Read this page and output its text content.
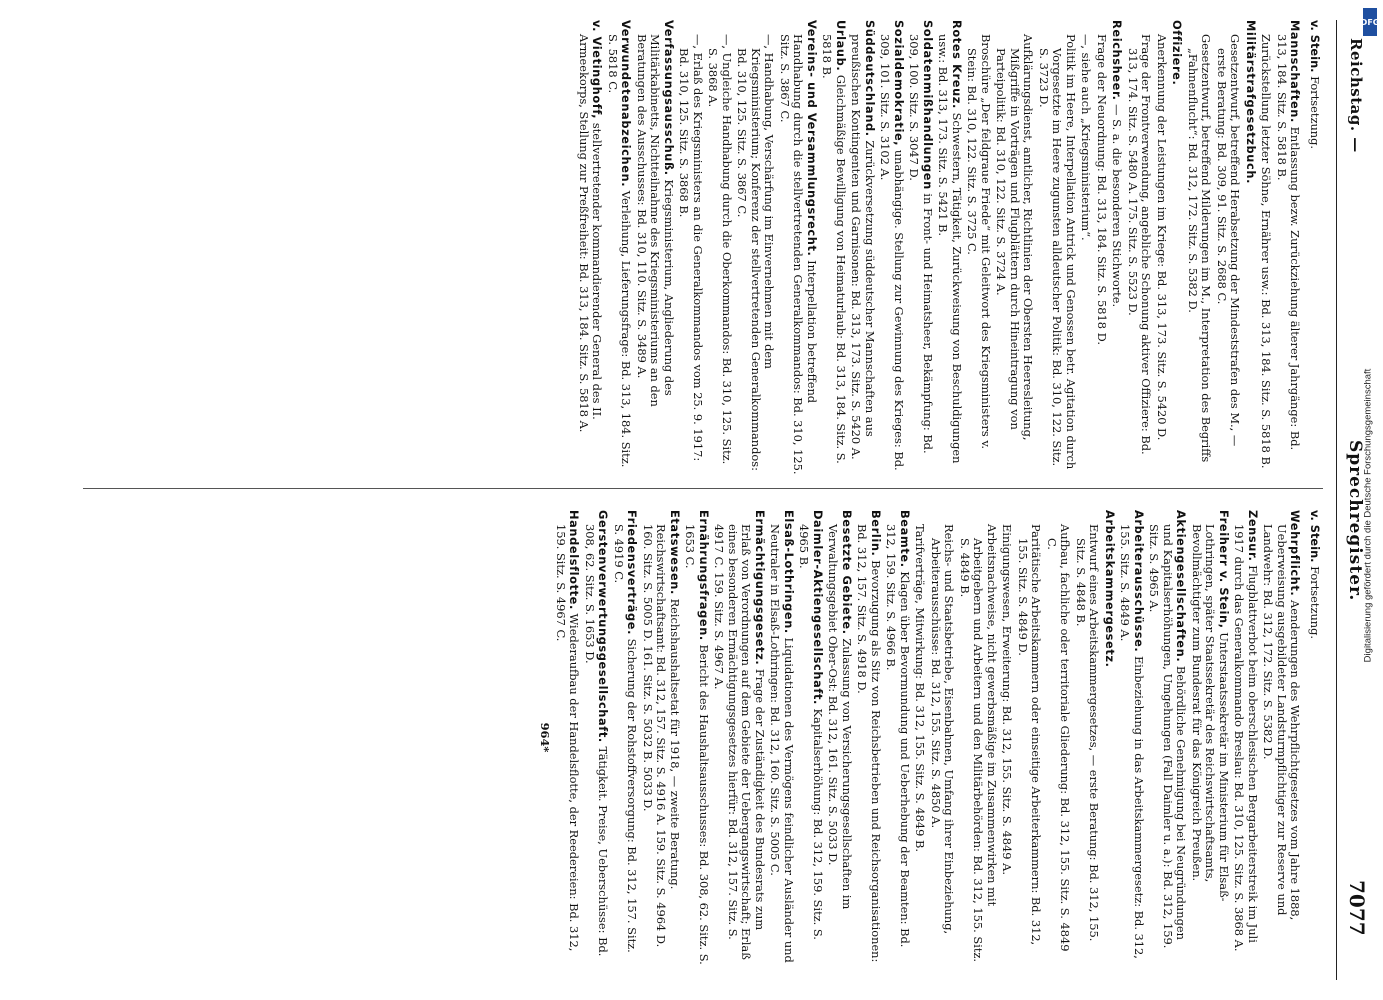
Reichstag. —
Sprechregister.
7077
v. Stein. Fortsetzung.
Mannschaften. Entlassung bezw. Zurückziehung älterer Jahrgänge: Bd. 313, 184. Sitz. S. 5818 B.
Zurückstellung letzter Söhne, Ernährer usw.: Bd. 313, 184. Sitz. S. 5818 B.
Militärstrafgesetzbuch.
Gesetzentwurf, betreffend Herabsetzung der Mindeststrafen des M., — erste Beratung: Bd. 309, 91. Sitz. S. 2688 C.
Gesetzentwurf, betreffend Milderungen im M., Interpretation des Begriffs „Fahnenflucht“: Bd. 312, 172. Sitz. S. 5382 D.
Offiziere.
Anerkennung der Leistungen im Kriege: Bd. 313, 173. Sitz. S. 5420 D.
Frage der Frontverwendung, angebliche Schonung aktiver Offiziere: Bd. 313, 174. Sitz. S. 5480 A. 175. Sitz. S. 5523 D.
Reichsheer. — S. a. die besonderen Stichworte.
Frage der Neuordnung: Bd. 313, 184. Sitz. S. 5818 D.
—, siehe auch „Kriegsministerium“.
Politik im Heere, Interpellation Antrick und Genossen betr. Agitation durch Vorgesetzte im Heere zugunsten alldeutscher Politik: Bd. 310, 122. Sitz. S. 3723 D.
Aufklärungsdienst, amtlicher, Richtlinien der Obersten Heeresleitung, Mißgriffe in Vorträgen und Flugblättern durch Hineintragung von Parteipolitik: Bd. 310, 122. Sitz. S. 3724 A.
Broschüre „Der feldgraue Friede“ mit Geleitwort des Kriegsministers v. Stein: Bd. 310, 122. Sitz. S. 3725 C.
Rotes Kreuz. Schwestern, Tätigkeit, Zurückweisung von Beschuldigungen usw.: Bd. 313, 173. Sitz. S. 5421 B.
Soldatenmißhandlungen in Front- und Heimatsheer, Bekämpfung: Bd. 309, 100. Sitz. S. 3047 D.
Sozialdemokratie, unabhängige. Stellung zur Gewinnung des Krieges: Bd. 309, 101. Sitz. S. 3102 A.
Süddeutschland. Zurückversetzung süddeutscher Mannschaften aus preußischen Kontingenten und Garnisonen: Bd. 313, 173. Sitz. S. 5420 A.
Urlaub. Gleichmäßige Bewilligung von Heimaturlaub: Bd. 313, 184. Sitz. S. 5818 B.
Vereins- und Versammlungsrecht. Interpellation betreffend Handhabung durch die stellvertretenden Generalkommandos: Bd. 310, 125. Sitz. S. 3867 C.
—, Handhabung, Verschärfung im Einvernehmen mit dem Kriegsministerium; Konferenz der stellvertretenden Generalkommandos: Bd. 310, 125. Sitz. S. 3867 C.
—, Ungleiche Handhabung durch die Oberkommandos: Bd. 310, 125. Sitz. S. 3868 A.
—, Erlaß des Kriegsministers an die Generalkommandos vom 25. 9. 1917: Bd. 310, 125. Sitz. S. 3868 B.
Verfassungsausschuß. Kriegsministerium, Angliederung des Militärkabinetts, Nichtteilnahme des Kriegsministeriums an den Beratungen des Ausschusses: Bd. 310, 110. Sitz. S. 3489 A.
Verwundetenabzeichen. Verleihung, Lieferungsfrage: Bd. 313, 184. Sitz. S. 5818 C.
v. Vietinghoff, stellvertretender kommandierender General des II. Armeekorps, Stellung zur Preßfreiheit: Bd. 313, 184. Sitz. S. 5818 A.
v. Stein. Fortsetzung.
Wehrpflicht. Aenderungen des Wehrpflichtgesetzes vom Jahre 1888, Ueberweisung ausgebildeter Landsturmpflichtiger zur Reserve und Landwehr: Bd. 312, 172. Sitz. S. 5382 D.
Zensur. Flugblattverbot beim oberschlesischen Bergarbeiterstreik im Juli 1917 durch das Generalkommando Breslau: Bd. 310, 125. Sitz. S. 3868 A.
Freiherr v. Stein, Unterstaatssekretär im Ministerium für Elsaß-Lothringen, später Staatssekretär des Reichswirtschaftsamts, Bevollmächtigter zum Bundesrat für das Königreich Preußen.
Aktiengesellschaften. Behördliche Genehmigung bei Neugründungen und Kapitalserhöhungen, Umgehungen (Fall Daimler u. a.): Bd. 312, 159. Sitz. S. 4965 A.
Arbeiterausschüsse. Einbeziehung in das Arbeitskammergesetz: Bd. 312, 155. Sitz. S. 4849 A.
Arbeitskammergesetz.
Entwurf eines Arbeitskammergesetzes, — erste Beratung: Bd. 312, 155. Sitz. S. 4848 B.
Aufbau, fachliche oder territoriale Gliederung: Bd. 312, 155. Sitz. S. 4849 C.
Paritätische Arbeitskammern oder einseitige Arbeiterkammern: Bd. 312, 155. Sitz. S. 4849 D.
Einigungswesen, Erweiterung: Bd. 312, 155. Sitz. S. 4849 A.
Arbeitsnachweise, nicht gewerbsmäßige im Zusammenwirken mit Arbeitgebern und Arbeitern und den Militärbehörden: Bd. 312, 155. Sitz. S. 4849 B.
Reichs- und Staatsbetriebe, Eisenbahnen, Umfang ihrer Einbeziehung, Arbeiterausschüsse: Bd. 312, 155. Sitz. S. 4850 A.
Tarifverträge, Mitwirkung: Bd. 312, 155. Sitz. S. 4849 B.
Beamte. Klagen über Bevormundung und Ueberhebung der Beamten: Bd. 312, 159. Sitz. S. 4966 B.
Berlin. Bevorzugung als Sitz von Reichsbetrieben und Reichsorganisationen: Bd. 312, 157. Sitz. S. 4918 D.
Besetzte Gebiete. Zulassung von Versicherungsgesellschaften im Verwaltungsgebiet Ober-Ost: Bd. 312, 161. Sitz. S. 5033 D.
Daimler-Aktiengesellschaft. Kapitalserhöhung: Bd. 312, 159. Sitz. S. 4965 B.
Elsaß-Lothringen. Liquidationen des Vermögens feindlicher Ausländer und Neutraler in Elsaß-Lothringen: Bd. 312, 160. Sitz. S. 5005 C.
Ermächtigungsgesetz. Frage der Zuständigkeit des Bundesrats zum Erlaß von Verordnungen auf dem Gebiete der Uebergangswirtschaft; Erlaß eines besonderen Ermächtigungsgesetzes hierfür: Bd. 312, 157. Sitz. S. 4917 C. 159. Sitz. S. 4967 A.
Ernährungsfragen. Bericht des Haushaltsausschusses: Bd. 308, 62. Sitz. S. 1653 C.
Etatswesen. Reichshaushaltsetat für 1918, — zweite Beratung. Reichswirtschaftsamt: Bd. 312, 157. Sitz. S. 4916 A. 159. Sitz. S. 4964 D. 160. Sitz. S. 5005 D. 161. Sitz. S. 5032 B. 5033 D.
Friedensverträge. Sicherung der Rohstoffversorgung: Bd. 312, 157. Sitz. S. 4919 C.
Gerstenverwertungsgesellschaft. Tätigkeit. Preise, Ueberschüsse: Bd. 308, 62. Sitz. S. 1653 D.
Handelsflotte. Wiederaufbau der Handelsflotte, der Reedereien: Bd. 312, 159. Sitz. S. 4967 C.
964*
DFG
Digitalisierung gefördert durch die Deutsche Forschungsgemeinschaft
